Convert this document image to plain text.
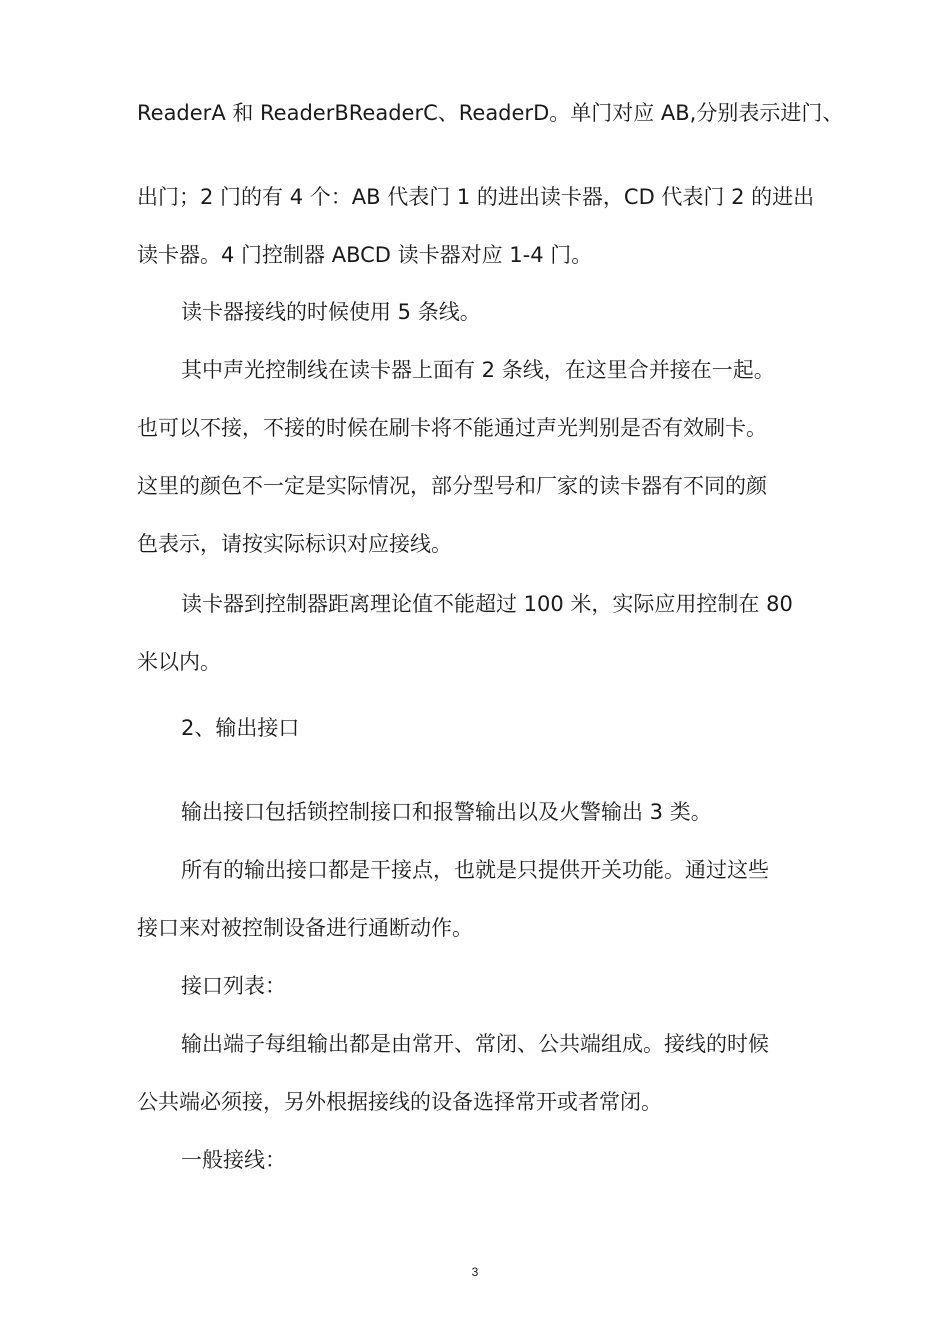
ReaderA 和 ReaderBReaderC、ReaderD。单门对应 AB,分别表示进门、

出门；2 门的有 4 个：AB 代表门 1 的进出读卡器，CD 代表门 2 的进出

读卡器。4 门控制器 ABCD 读卡器对应 1-4 门。

读卡器接线的时候使用 5 条线。

其中声光控制线在读卡器上面有 2 条线，在这里合并接在一起。

也可以不接，不接的时候在刷卡将不能通过声光判别是否有效刷卡。

这里的颜色不一定是实际情况，部分型号和厂家的读卡器有不同的颜

色表示，请按实际标识对应接线。

读卡器到控制器距离理论值不能超过 100 米，实际应用控制在 80

米以内。

2、输出接口

输出接口包括锁控制接口和报警输出以及火警输出 3 类。

所有的输出接口都是干接点，也就是只提供开关功能。通过这些

接口来对被控制设备进行通断动作。

接口列表：

输出端子每组输出都是由常开、常闭、公共端组成。接线的时候

公共端必须接，另外根据接线的设备选择常开或者常闭。

一般接线：

3
